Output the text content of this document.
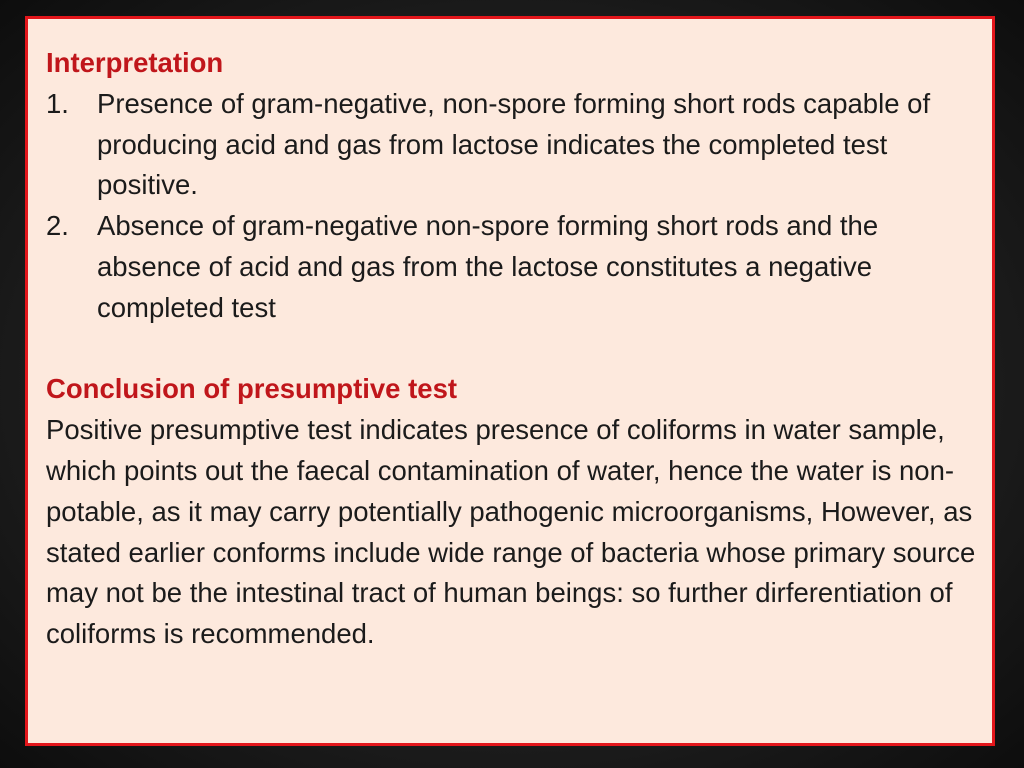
Interpretation
1.	Presence of gram-negative, non-spore forming short rods capable of producing acid and gas from lactose indicates the completed test positive.
2.	Absence of gram-negative non-spore forming short rods and the absence of acid and gas from the lactose constitutes a negative completed test
Conclusion of presumptive test

Positive presumptive test indicates presence of coliforms in water sample, which points out the faecal contamination of water, hence the water is non-potable, as it may carry potentially pathogenic microorganisms, However, as stated earlier conforms include wide range of bacteria whose primary source may not be the intestinal tract of human beings: so further dirferentiation of coliforms is recommended.
